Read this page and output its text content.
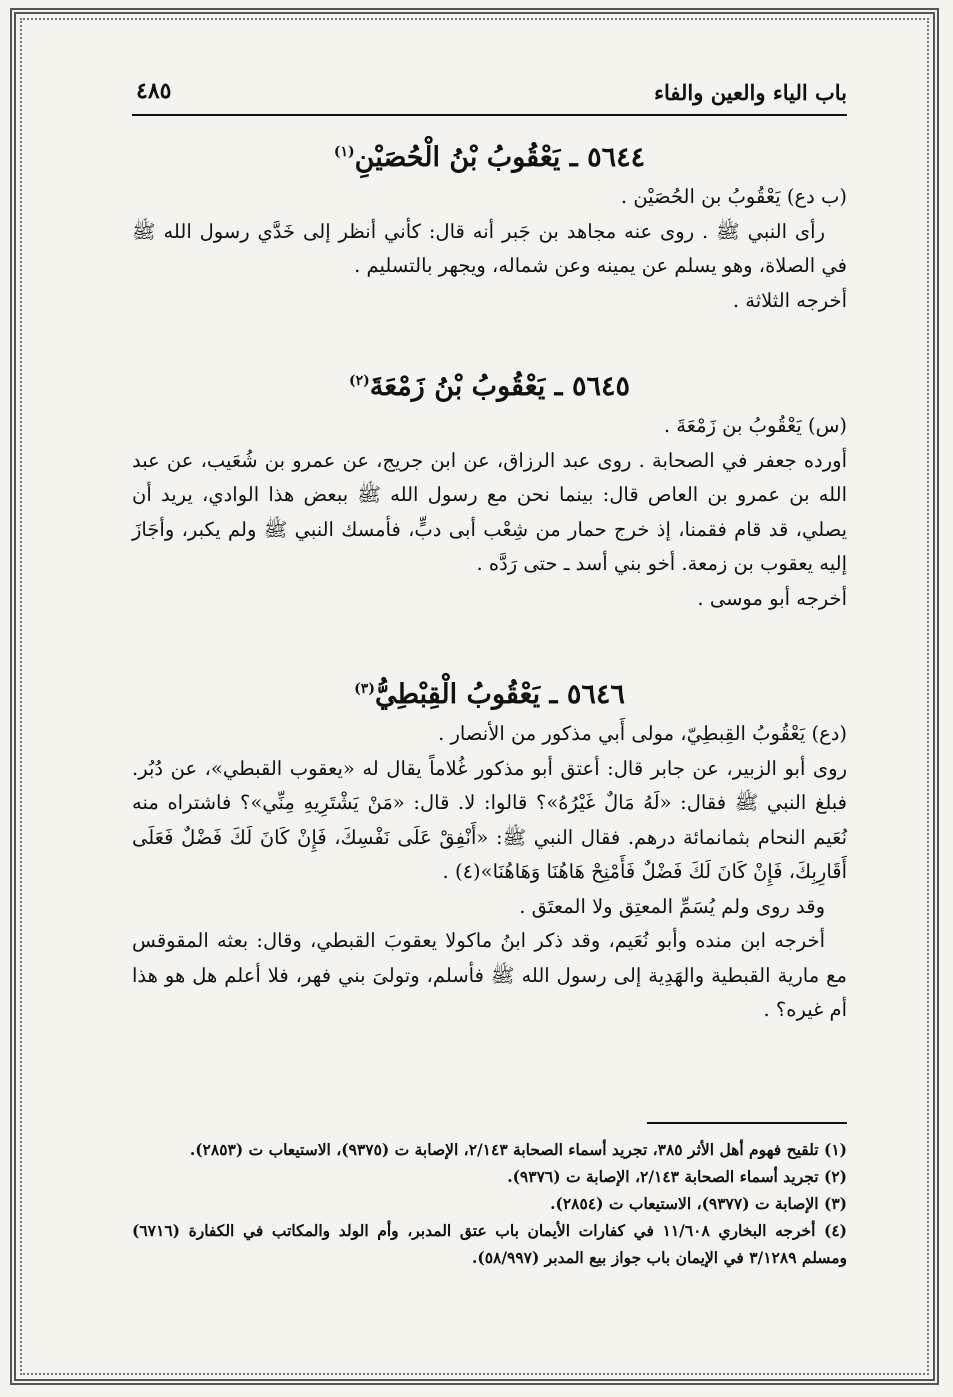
باب الياء والعين والفاء
٤٨٥
٥٦٤٤ ـ يَعْقُوبُ بْنُ الْحُصَيْنِ$^{(١)}$

(ب دع) يَعْقُوبُ بن الحُصَيْن .

رأى النبي ﷺ . روى عنه مجاهد بن جَبر أنه قال: كأني أنظر إلى خَدَّي رسول الله ﷺ في الصلاة، وهو يسلم عن يمينه وعن شماله، ويجهر بالتسليم .

أخرجه الثلاثة .

٥٦٤٥ ـ يَعْقُوبُ بْنُ زَمْعَةَ$^{(٢)}$

(س) يَعْقُوبُ بن زَمْعَةَ .

أورده جعفر في الصحابة . روى عبد الرزاق، عن ابن جريج، عن عمرو بن شُعَيب، عن عبد الله بن عمرو بن العاص قال: بينما نحن مع رسول الله ﷺ ببعض هذا الوادي، يريد أن يصلي، قد قام فقمنا، إذ خرج حمار من شِعْب أبى دبٍّ، فأمسك النبي ﷺ ولم يكبر، وأجَازَ إليه يعقوب بن زمعة. أخو بني أسد ـ حتى رَدَّه .

أخرجه أبو موسى .

٥٦٤٦ ـ يَعْقُوبُ الْقِبْطِيُّ$^{(٣)}$

(دع) يَعْقُوبُ القِبطِيّ، مولى أَبي مذكور من الأنصار .

روى أبو الزبير، عن جابر قال: أعتق أبو مذكور غُلاماً يقال له «يعقوب القبطي»، عن دُبُر. فبلغ النبي ﷺ فقال: «لَهُ مَالٌ غَيْرُهُ»؟ قالوا: لا. قال: «مَنْ يَشْتَرِيهِ مِنِّي»؟ فاشتراه منه نُعَيم النحام بثمانمائة درهم. فقال النبي ﷺ: «أَنْفِقْ عَلَى نَفْسِكَ، فَإِنْ كَانَ لَكَ فَضْلٌ فَعَلَى أَقَارِبِكَ، فَإِنْ كَانَ لَكَ فَضْلٌ فَأَمْنِحْ هَاهُنَا وَهَاهُنَا»(٤) .

وقد روى ولم يُسَمِّ المعتِق ولا المعتَق .

أخرجه ابن منده وأبو نُعَيم، وقد ذكر ابنُ ماكولا يعقوبَ القبطي، وقال: بعثه المقوقس مع مارية القبطية والهَدِية إلى رسول الله ﷺ فأسلم، وتولىَ بني فهر، فلا أعلم هل هو هذا أم غيره؟ .

(١) تلقيح فهوم أهل الأثر ٣٨٥، تجريد أسماء الصحابة ٢/١٤٣، الإصابة ت (٩٣٧٥)، الاستيعاب ت (٢٨٥٣).

(٢) تجريد أسماء الصحابة ٢/١٤٣، الإصابة ت (٩٣٧٦).

(٣) الإصابة ت (٩٣٧٧)، الاستيعاب ت (٢٨٥٤).

(٤) أخرجه البخاري ١١/٦٠٨ في كفارات الأيمان باب عتق المدبر، وأم الولد والمكاتب في الكفارة (٦٧١٦) ومسلم ٣/١٢٨٩ في الإيمان باب جواز بيع المدبر (٥٨/٩٩٧).
